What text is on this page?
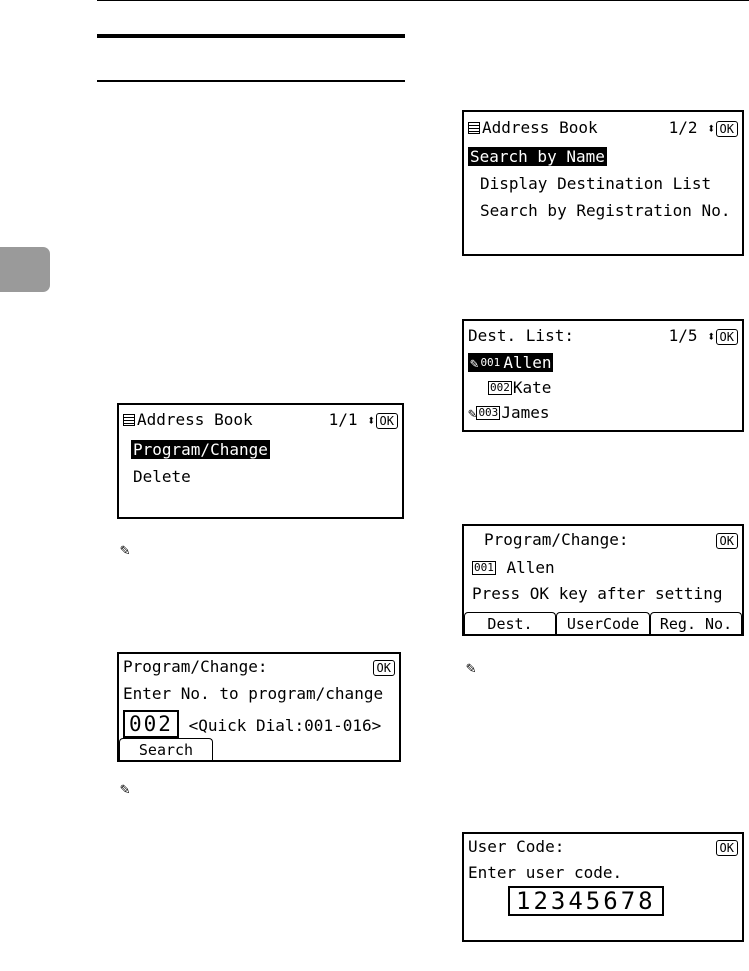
Address Book	1/2 ⬍ OK
Search by Name
Display Destination List
Search by Registration No.
Dest. List:	1/5 ⬍ OK
✎ 001 Allen
002 Kate
✎ 003 James
Address Book	1/1 ⬍ OK
Program/Change
Delete
✎
Program/Change:	OK
001 Allen
Press OK key after setting
Dest.	UserCode	Reg. No.
✎
Program/Change:	OK
Enter No. to program/change
002 <Quick Dial:001-016>
Search
✎
User Code:	OK
Enter user code.
12345678
